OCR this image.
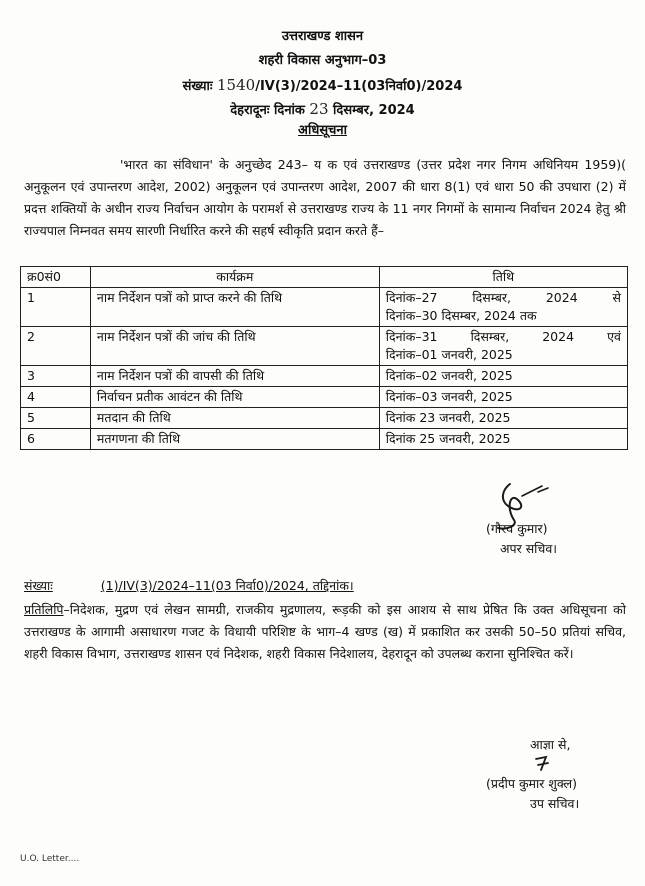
उत्तराखण्ड शासन
शहरी विकास अनुभाग–03
संख्याः 1540/IV(3)/2024–11(03निर्वा0)/2024
देहरादूनः दिनांक 23 दिसम्बर, 2024
अधिसूचना
'भारत का संविधान' के अनुच्छेद 243– य क एवं उत्तराखण्ड (उत्तर प्रदेश नगर निगम अधिनियम 1959)( अनुकूलन एवं उपान्तरण आदेश, 2002) अनुकूलन एवं उपान्तरण आदेश, 2007 की धारा 8(1) एवं धारा 50 की उपधारा (2) में प्रदत्त शक्तियों के अधीन राज्य निर्वाचन आयोग के परामर्श से उत्तराखण्ड राज्य के 11 नगर निगमों के सामान्य निर्वाचन 2024 हेतु श्री राज्यपाल निम्नवत समय सारणी निर्धारित करने की सहर्ष स्वीकृति प्रदान करते हैं–
क्र0सं0	कार्यक्रम	तिथि
1	नाम निर्देशन पत्रों को प्राप्त करने की तिथि	दिनांक–27 दिसम्बर, 2024 से
दिनांक–30 दिसम्बर, 2024 तक

2	नाम निर्देशन पत्रों की जांच की तिथि	दिनांक–31 दिसम्बर, 2024 एवं
दिनांक–01 जनवरी, 2025

3	नाम निर्देशन पत्रों की वापसी की तिथि	दिनांक–02 जनवरी, 2025
4	निर्वाचन प्रतीक आवंटन की तिथि	दिनांक–03 जनवरी, 2025
5	मतदान की तिथि	दिनांक 23 जनवरी, 2025
6	मतगणना की तिथि	दिनांक 25 जनवरी, 2025
(गौरव कुमार)
अपर सचिव।
संख्याः	(1)/IV(3)/2024–11(03 निर्वा0)/2024, तद्दिनांक।
प्रतिलिपि–निदेशक, मुद्रण एवं लेखन सामग्री, राजकीय मुद्रणालय, रूड़की को इस आशय से साथ प्रेषित कि उक्त अधिसूचना को उत्तराखण्ड के आगामी असाधारण गजट के विधायी परिशिष्ट के भाग–4 खण्ड (ख) में प्रकाशित कर उसकी 50–50 प्रतियां सचिव, शहरी विकास विभाग, उत्तराखण्ड शासन एवं निदेशक, शहरी विकास निदेशालय, देहरादून को उपलब्ध कराना सुनिश्चित करें।
आज्ञा से,
(प्रदीप कुमार शुक्ल)
उप सचिव।
U.O. Letter....
